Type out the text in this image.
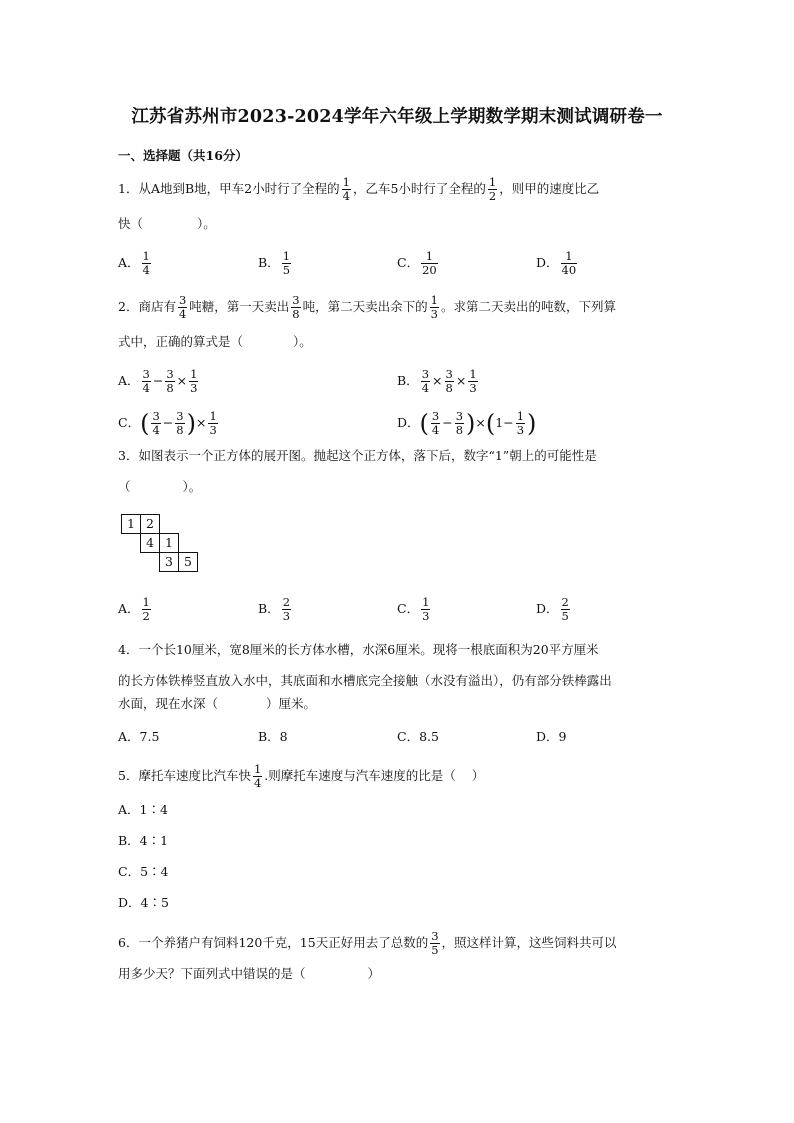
江苏省苏州市2023-2024学年六年级上学期数学期末测试调研卷一
一、选择题（共16分）
1．从A地到B地，甲车2小时行了全程的 $\frac{1}{4}$ ，乙车5小时行了全程的 $\frac{1}{2}$ ，则甲的速度比乙
快（	）。
A． $\frac{1}{4}$	B． $\frac{1}{5}$	C． $\frac{1}{20}$	D． $\frac{1}{40}$
2．商店有 $\frac{3}{4}$ 吨糖，第一天卖出 $\frac{3}{8}$ 吨，第二天卖出余下的 $\frac{1}{3}$ 。求第二天卖出的吨数，下列算
式中，正确的算式是（	）。
A． $\frac{3}{4} - \frac{3}{8} \times \frac{1}{3}$	B． $\frac{3}{4} \times \frac{3}{8} \times \frac{1}{3}$
C．( $\frac{3}{4} - \frac{3}{8}$ )× $\frac{1}{3}$	D．( $\frac{3}{4} - \frac{3}{8} )\times(1- \frac{1}{3}$ )
3．如图表示一个正方体的展开图。抛起这个正方体，落下后，数字“1”朝上的可能性是
（	）。
1 2
4 1
3 5
A． $\frac{1}{2}$	B． $\frac{2}{3}$	C． $\frac{1}{3}$	D． $\frac{2}{5}$
4．一个长10厘米，宽8厘米的长方体水槽，水深6厘米。现将一根底面积为20平方厘米
的长方体铁棒竖直放入水中，其底面和水槽底完全接触（水没有溢出），仍有部分铁棒露出
水面，现在水深（	）厘米。
A．7.5	B．8	C．8.5	D．9
5．摩托车速度比汽车快 $\frac{1}{4}$ .则摩托车速度与汽车速度的比是（ ）
A．1∶4
B．4∶1
C．5∶4
D．4∶5
6．一个养猪户有饲料120千克，15天正好用去了总数的 $\frac{3}{5}$ ，照这样计算，这些饲料共可以
用多少天？下面列式中错误的是（	）
